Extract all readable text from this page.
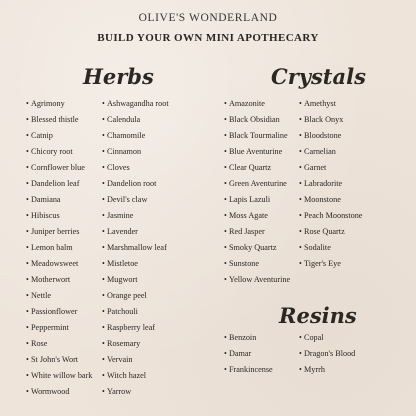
OLIVE'S WONDERLAND
BUILD YOUR OWN MINI APOTHECARY
Herbs
•Agrimony
•Blessed thistle
•Catnip
•Chicory root
•Cornflower blue
•Dandelion leaf
•Damiana
•Hibiscus
•Juniper berries
•Lemon balm
•Meadowsweet
•Motherwort
•Nettle
•Passionflower
•Peppermint
•Rose
•St John's Wort
•White willow bark
•Wormwood
•Ashwagandha root
•Calendula
•Chamomile
•Cinnamon
•Cloves
•Dandelion root
•Devil's claw
•Jasmine
•Lavender
•Marshmallow leaf
•Mistletoe
•Mugwort
•Orange peel
•Patchouli
•Raspberry leaf
•Rosemary
•Vervain
•Witch hazel
•Yarrow
Crystals
•Amazonite
•Black Obsidian
•Black Tourmaline
•Blue Aventurine
•Clear Quartz
•Green Aventurine
•Lapis Lazuli
•Moss Agate
•Red Jasper
•Smoky Quartz
•Sunstone
•Yellow Aventurine
•Amethyst
•Black Onyx
•Bloodstone
•Carnelian
•Garnet
•Labradorite
•Moonstone
•Peach Moonstone
•Rose Quartz
•Sodalite
•Tiger's Eye
Resins
•Benzoin
•Damar
•Frankincense
•Copal
•Dragon's Blood
•Myrrh
